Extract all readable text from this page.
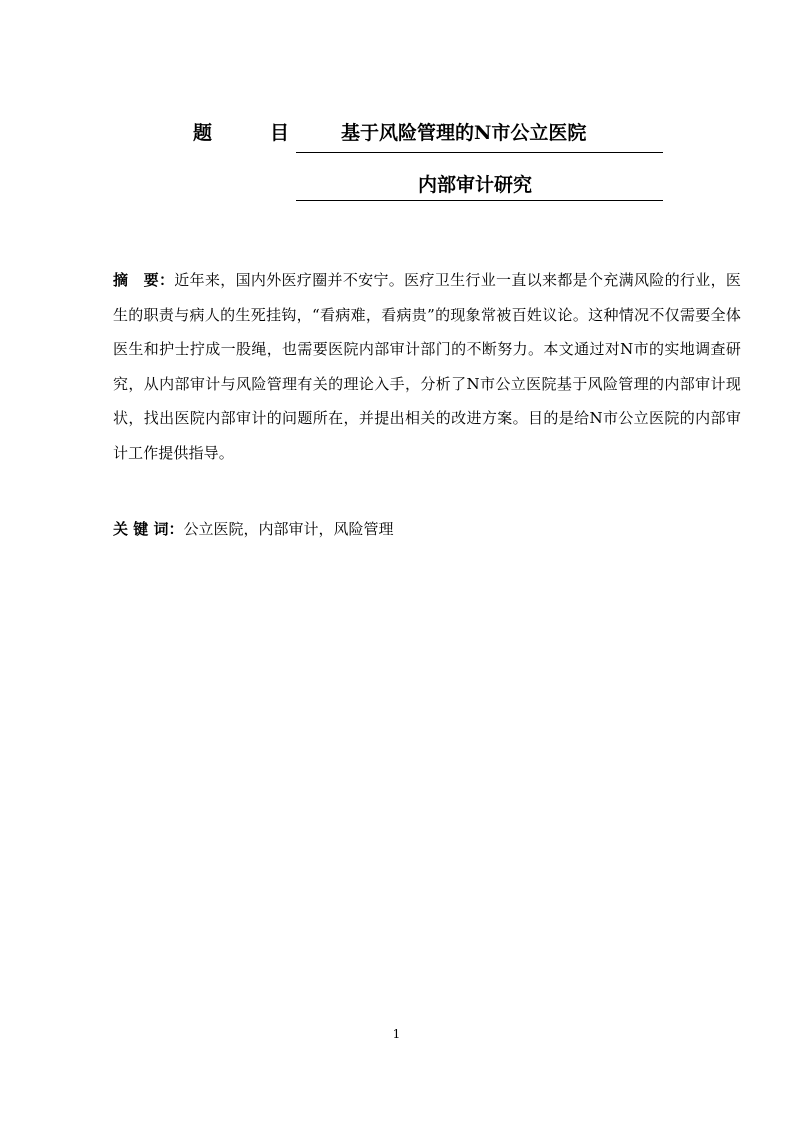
题	目	基于风险管理的N市公立医院
内部审计研究
摘　要：近年来，国内外医疗圈并不安宁。医疗卫生行业一直以来都是个充满风险的行业，医生的职责与病人的生死挂钩，“看病难，看病贵”的现象常被百姓议论。这种情况不仅需要全体医生和护士拧成一股绳，也需要医院内部审计部门的不断努力。本文通过对N市的实地调查研究，从内部审计与风险管理有关的理论入手，分析了N市公立医院基于风险管理的内部审计现状，找出医院内部审计的问题所在，并提出相关的改进方案。目的是给N市公立医院的内部审计工作提供指导。
关 键 词：公立医院，内部审计，风险管理
1
